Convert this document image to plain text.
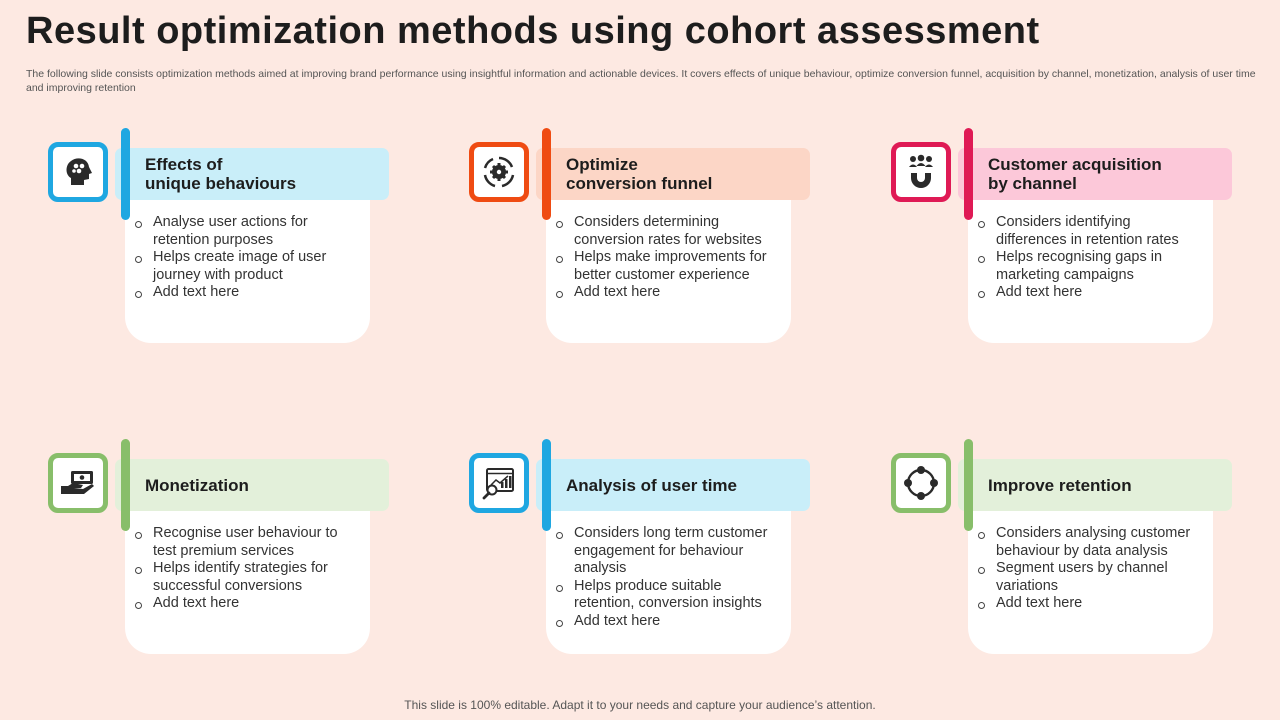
Result optimization methods using cohort assessment
The following slide consists optimization methods aimed at improving brand performance using insightful information and actionable devices. It covers effects of unique behaviour, optimize conversion funnel, acquisition by channel, monetization, analysis of user time and improving retention
Effects of
unique behaviours
Analyse user actions for retention purposes
Helps create image of user journey with product
Add text here
Optimize
conversion funnel
Considers determining conversion rates for websites
Helps make improvements for better customer experience
Add text here
Customer acquisition
by channel
Considers identifying differences in retention rates
Helps recognising gaps in marketing campaigns
Add text here
Monetization
Recognise user behaviour to test premium services
Helps identify strategies for successful conversions
Add text here
Analysis of user time
Considers long term customer engagement for behaviour analysis
Helps produce suitable retention, conversion insights
Add text here
Improve retention
Considers analysing customer behaviour by data analysis
Segment users by channel variations
Add text here
This slide is 100% editable. Adapt it to your needs and capture your audience’s attention.
